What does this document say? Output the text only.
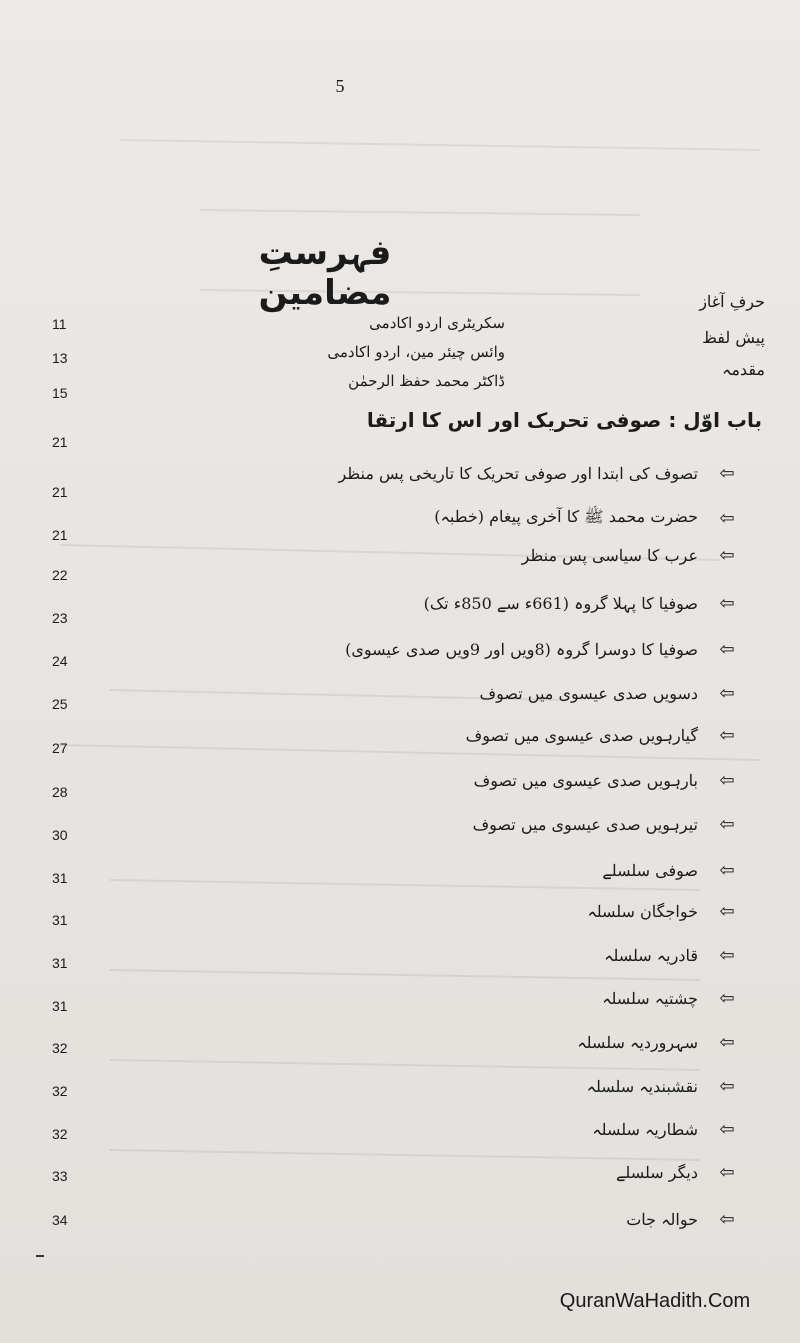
5
فہرستِ مضامین	حرفِ آغاز
سکریٹری اردو اکادمی
11
پیش لفظ
وائس چیئر مین، اردو اکادمی
13
مقدمہ
ڈاکٹر محمد حفظ الرحمٰن
15
باب اوّل : صوفی تحریک اور اس کا ارتقا
21
⇦
تصوف کی ابتدا اور صوفی تحریک کا تاریخی پس منظر
21
⇦
حضرت محمد ﷺ کا آخری پیغام (خطبہ)
21
⇦
عرب کا سیاسی پس منظر
22
⇦
صوفیا کا پہلا گروہ (661ء سے 850ء تک)
23
⇦
صوفیا کا دوسرا گروہ (8ویں اور 9ویں صدی عیسوی)
24
⇦
دسویں صدی عیسوی میں تصوف
25
⇦
گیارہویں صدی عیسوی میں تصوف
27
⇦
بارہویں صدی عیسوی میں تصوف
28
⇦
تیرہویں صدی عیسوی میں تصوف
30
⇦
صوفی سلسلے
31
⇦
خواجگان سلسلہ
31
⇦
قادریہ سلسلہ
31
⇦
چشتیہ سلسلہ
31
⇦
سہروردیہ سلسلہ
32
⇦
نقشبندیہ سلسلہ
32
⇦
شطاریہ سلسلہ
32
⇦
دیگر سلسلے
33
⇦
حوالہ جات
34
QuranWaHadith.Com
